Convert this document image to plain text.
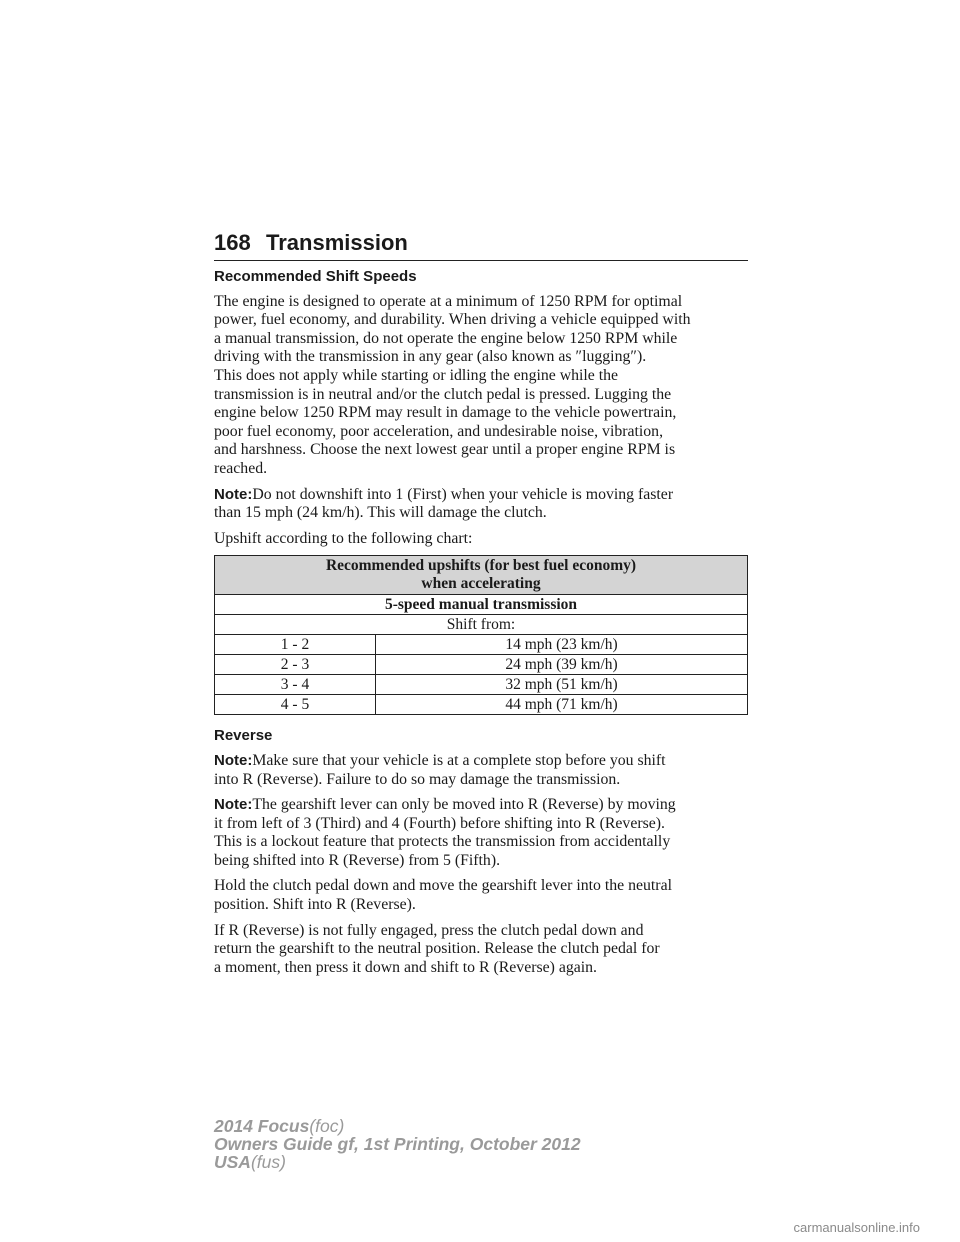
168 Transmission
Recommended Shift Speeds
The engine is designed to operate at a minimum of 1250 RPM for optimal
power, fuel economy, and durability. When driving a vehicle equipped with
a manual transmission, do not operate the engine below 1250 RPM while
driving with the transmission in any gear (also known as ″lugging″).
This does not apply while starting or idling the engine while the
transmission is in neutral and/or the clutch pedal is pressed. Lugging the
engine below 1250 RPM may result in damage to the vehicle powertrain,
poor fuel economy, poor acceleration, and undesirable noise, vibration,
and harshness. Choose the next lowest gear until a proper engine RPM is
reached.
Note:Do not downshift into 1 (First) when your vehicle is moving faster
than 15 mph (24 km/h). This will damage the clutch.
Upshift according to the following chart:
Recommended upshifts (for best fuel economy)
when accelerating	

5-speed manual transmission	
Shift from:	
1 - 2	14 mph (23 km/h)
2 - 3	24 mph (39 km/h)
3 - 4	32 mph (51 km/h)
4 - 5	44 mph (71 km/h)
Reverse
Note:Make sure that your vehicle is at a complete stop before you shift
into R (Reverse). Failure to do so may damage the transmission.
Note:The gearshift lever can only be moved into R (Reverse) by moving
it from left of 3 (Third) and 4 (Fourth) before shifting into R (Reverse).
This is a lockout feature that protects the transmission from accidentally
being shifted into R (Reverse) from 5 (Fifth).
Hold the clutch pedal down and move the gearshift lever into the neutral
position. Shift into R (Reverse).
If R (Reverse) is not fully engaged, press the clutch pedal down and
return the gearshift to the neutral position. Release the clutch pedal for
a moment, then press it down and shift to R (Reverse) again.
2014 Focus(foc)
Owners Guide gf, 1st Printing, October 2012
USA(fus)
carmanualsonline.info
